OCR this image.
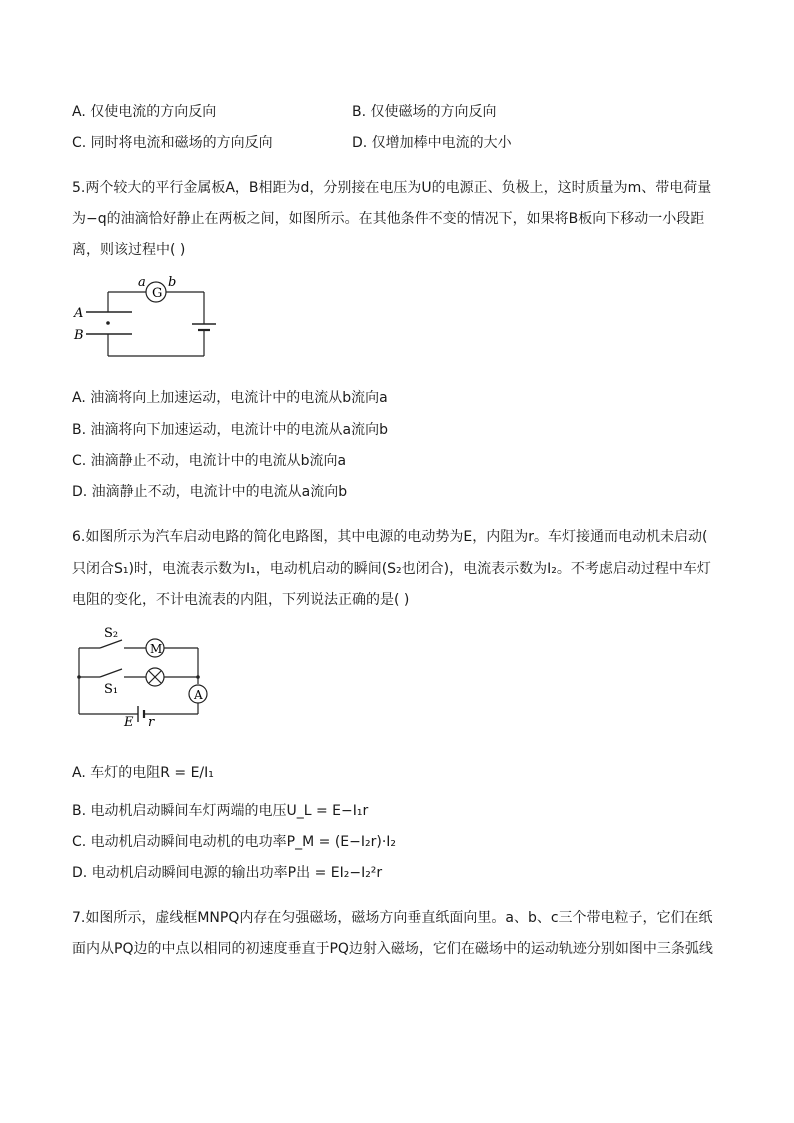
A. 仅使电流的方向反向	B. 仅使磁场的方向反向
C. 同时将电流和磁场的方向反向	D. 仅增加棒中电流的大小
5.两个较大的平行金属板A，B相距为d，分别接在电压为U的电源正、负极上，这时质量为m、带电荷量
为−q的油滴恰好静止在两板之间，如图所示。在其他条件不变的情况下，如果将B板向下移动一小段距
离，则该过程中( )
G
a b
A
B
A. 油滴将向上加速运动，电流计中的电流从b流向a
B. 油滴将向下加速运动，电流计中的电流从a流向b
C. 油滴静止不动，电流计中的电流从b流向a
D. 油滴静止不动，电流计中的电流从a流向b
6.如图所示为汽车启动电路的简化电路图，其中电源的电动势为E，内阻为r。车灯接通而电动机未启动(
只闭合S₁)时，电流表示数为I₁，电动机启动的瞬间(S₂也闭合)，电流表示数为I₂。不考虑启动过程中车灯
电阻的变化，不计电流表的内阻，下列说法正确的是( )
S₂
S₁
M
A
E r
A. 车灯的电阻R = E/I₁
B. 电动机启动瞬间车灯两端的电压U_L = E−I₁r
C. 电动机启动瞬间电动机的电功率P_M = (E−I₂r)·I₂
D. 电动机启动瞬间电源的输出功率P出 = EI₂−I₂²r
7.如图所示，虚线框MNPQ内存在匀强磁场，磁场方向垂直纸面向里。a、b、c三个带电粒子，它们在纸
面内从PQ边的中点以相同的初速度垂直于PQ边射入磁场，它们在磁场中的运动轨迹分别如图中三条弧线
